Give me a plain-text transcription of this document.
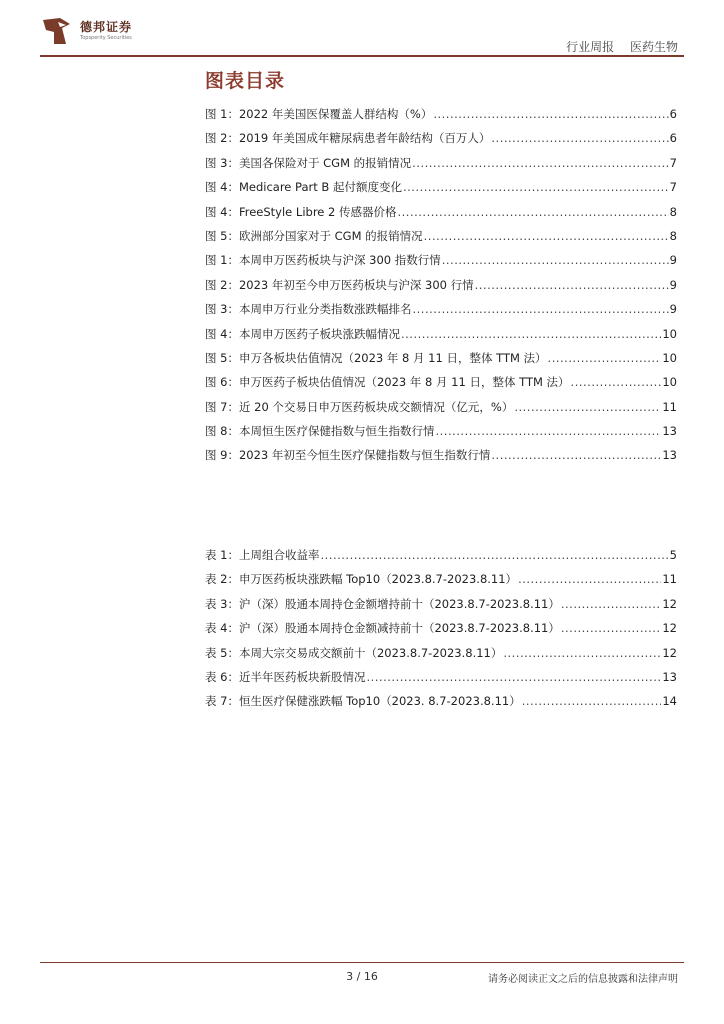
德邦证券
Topsperity Securities
行业周报 医药生物
图表目录
图 1：2022 年美国医保覆盖人群结构（%） .....	6
图 2：2019 年美国成年糖尿病患者年龄结构（百万人） .....	6
图 3：美国各保险对于 CGM 的报销情况 .....	7
图 4：Medicare Part B 起付额度变化 .....	7
图 4：FreeStyle Libre 2 传感器价格 .....	8
图 5：欧洲部分国家对于 CGM 的报销情况 .....	8
图 1：本周申万医药板块与沪深 300 指数行情 .....	9
图 2：2023 年初至今申万医药板块与沪深 300 行情 .....	9
图 3：本周申万行业分类指数涨跌幅排名 .....	9
图 4：本周申万医药子板块涨跌幅情况 .....	10
图 5：申万各板块估值情况（2023 年 8 月 11 日，整体 TTM 法） .....	10
图 6：申万医药子板块估值情况（2023 年 8 月 11 日，整体 TTM 法） .....	10
图 7：近 20 个交易日申万医药板块成交额情况（亿元，%） .....	11
图 8：本周恒生医疗保健指数与恒生指数行情 .....	13
图 9：2023 年初至今恒生医疗保健指数与恒生指数行情 .....	13
表 1：上周组合收益率 .....	5
表 2：申万医药板块涨跌幅 Top10（2023.8.7-2023.8.11） .....	11
表 3：沪（深）股通本周持仓金额增持前十（2023.8.7-2023.8.11） .....	12
表 4：沪（深）股通本周持仓金额减持前十（2023.8.7-2023.8.11） .....	12
表 5：本周大宗交易成交额前十（2023.8.7-2023.8.11） .....	12
表 6：近半年医药板块新股情况 .....	13
表 7：恒生医疗保健涨跌幅 Top10（2023. 8.7-2023.8.11） .....	14
3 / 16	请务必阅读正文之后的信息披露和法律声明
